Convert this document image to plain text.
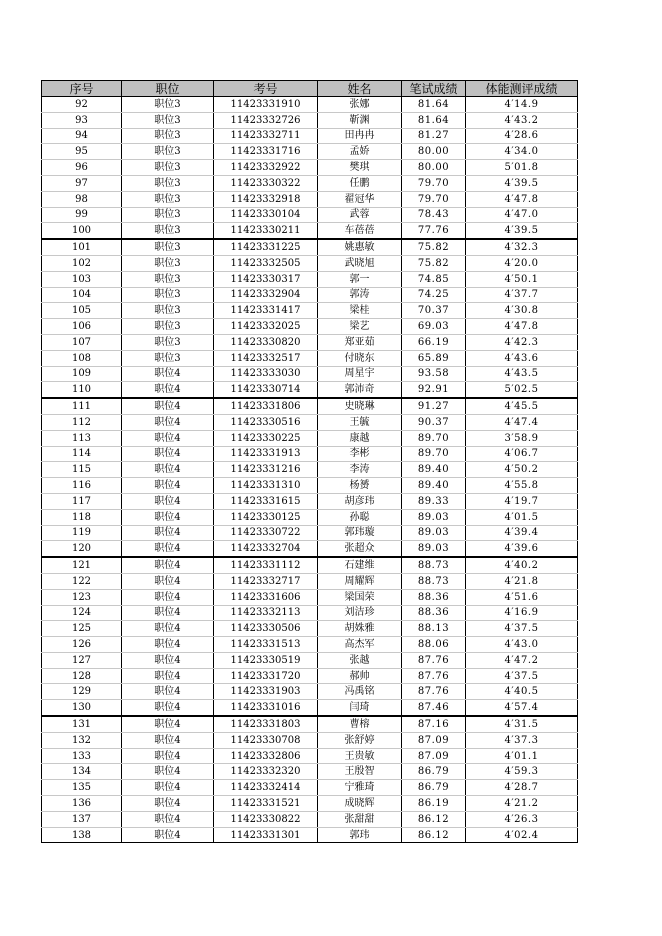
序号	职位	考号	姓名	笔试成绩	体能测评成绩
92	职位3	11423331910	张娜	81.64	4′14.9
93	职位3	11423332726	靳渊	81.64	4′43.2
94	职位3	11423332711	田冉冉	81.27	4′28.6
95	职位3	11423331716	孟娇	80.00	4′34.0
96	职位3	11423332922	樊琪	80.00	5′01.8
97	职位3	11423330322	任鹏	79.70	4′39.5
98	职位3	11423332918	翟冠华	79.70	4′47.8
99	职位3	11423330104	武蓉	78.43	4′47.0
100	职位3	11423330211	车蓓蓓	77.76	4′39.5
101	职位3	11423331225	姚惠敏	75.82	4′32.3
102	职位3	11423332505	武晓旭	75.82	4′20.0
103	职位3	11423330317	郭一	74.85	4′50.1
104	职位3	11423332904	郭涛	74.25	4′37.7
105	职位3	11423331417	梁桂	70.37	4′30.8
106	职位3	11423332025	梁艺	69.03	4′47.8
107	职位3	11423330820	郑亚茹	66.19	4′42.3
108	职位3	11423332517	付晓东	65.89	4′43.6
109	职位4	11423333030	周星宇	93.58	4′43.5
110	职位4	11423330714	郭沛奇	92.91	5′02.5
111	职位4	11423331806	史晓琳	91.27	4′45.5
112	职位4	11423330516	王毓	90.37	4′47.4
113	职位4	11423330225	康越	89.70	3′58.9
114	职位4	11423331913	李彬	89.70	4′06.7
115	职位4	11423331216	李涛	89.40	4′50.2
116	职位4	11423331310	杨赟	89.40	4′55.8
117	职位4	11423331615	胡彦玮	89.33	4′19.7
118	职位4	11423330125	孙聪	89.03	4′01.5
119	职位4	11423330722	郭玮璇	89.03	4′39.4
120	职位4	11423332704	张超众	89.03	4′39.6
121	职位4	11423331112	石建维	88.73	4′40.2
122	职位4	11423332717	周耀辉	88.73	4′21.8
123	职位4	11423331606	梁国荣	88.36	4′51.6
124	职位4	11423332113	刘洁珍	88.36	4′16.9
125	职位4	11423330506	胡姝雅	88.13	4′37.5
126	职位4	11423331513	高杰军	88.06	4′43.0
127	职位4	11423330519	张越	87.76	4′47.2
128	职位4	11423331720	郝帅	87.76	4′37.5
129	职位4	11423331903	冯禹铭	87.76	4′40.5
130	职位4	11423331016	闫琦	87.46	4′57.4
131	职位4	11423331803	曹榕	87.16	4′31.5
132	职位4	11423330708	张舒婷	87.09	4′37.3
133	职位4	11423332806	王贵敏	87.09	4′01.1
134	职位4	11423332320	王殷智	86.79	4′59.3
135	职位4	11423332414	宁雅琦	86.79	4′28.7
136	职位4	11423331521	成晓辉	86.19	4′21.2
137	职位4	11423330822	张甜甜	86.12	4′26.3
138	职位4	11423331301	郭玮	86.12	4′02.4
